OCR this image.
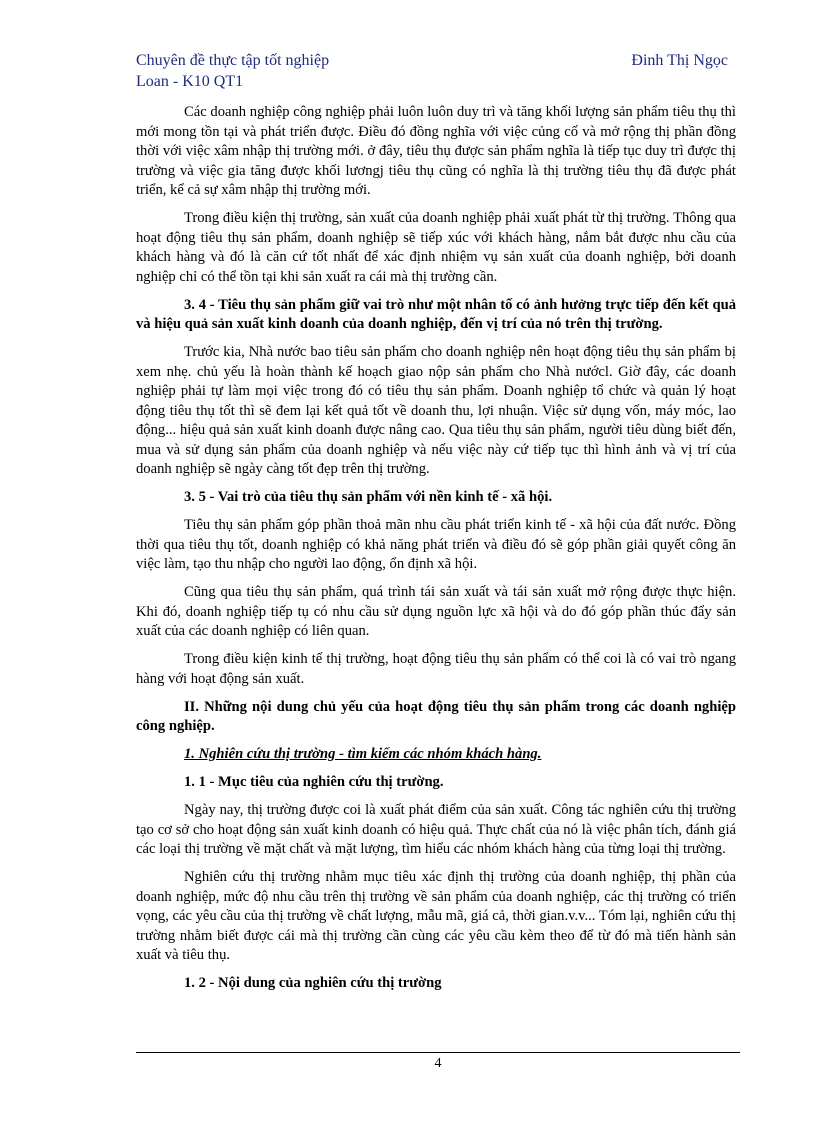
Chuyên đề thực tập tốt nghiệp	Đinh Thị Ngọc
Loan - K10 QT1

Các doanh nghiệp công nghiệp phải luôn luôn duy trì và tăng khối lượng sản phẩm tiêu thụ thì mới mong tồn tại và phát triển được. Điều đó đồng nghĩa với việc củng cố và mở rộng thị phần đồng thời với việc xâm nhập thị trường mới. ở đây, tiêu thụ được sản phẩm nghĩa là tiếp tục duy trì được thị trường và việc gia tăng được khối lươngj tiêu thụ cũng có nghĩa là thị trường tiêu thụ đã được phát triển, kể cả sự xâm nhập thị trường mới.

Trong điều kiện thị trường, sản xuất của doanh nghiệp phải xuất phát từ thị trường. Thông qua hoạt động tiêu thụ sản phẩm, doanh nghiệp sẽ tiếp xúc với khách hàng, nắm bắt được nhu cầu của khách hàng và đó là căn cứ tốt nhất để xác định nhiệm vụ sản xuất của doanh nghiệp, bởi doanh nghiệp chỉ có thể tồn tại khi sản xuất ra cái mà thị trường cần.

3. 4 - Tiêu thụ sản phẩm giữ vai trò như một nhân tố có ảnh hưởng trực tiếp đến kết quả và hiệu quả sản xuất kinh doanh của doanh nghiệp, đến vị trí của nó trên thị trường.

Trước kia, Nhà nước bao tiêu sản phẩm cho doanh nghiệp nên hoạt động tiêu thụ sản phẩm bị xem nhẹ. chủ yếu là hoàn thành kế hoạch giao nộp sản phẩm cho Nhà nướcl. Giờ đây, các doanh nghiệp phải tự làm mọi việc trong đó có tiêu thụ sản phẩm. Doanh nghiệp tổ chức và quản lý hoạt động tiêu thụ tốt thì sẽ đem lại kết quả tốt về doanh thu, lợi nhuận. Việc sử dụng vốn, máy móc, lao động... hiệu quả sản xuất kinh doanh được nâng cao. Qua tiêu thụ sản phẩm, người tiêu dùng biết đến, mua và sử dụng sản phẩm của doanh nghiệp và nếu việc này cứ tiếp tục thì hình ảnh và vị trí của doanh nghiệp sẽ ngày càng tốt đẹp trên thị trường.

3. 5 - Vai trò của tiêu thụ sản phẩm với nền kinh tế - xã hội.

Tiêu thụ sản phẩm góp phần thoả mãn nhu cầu phát triển kinh tế - xã hội của đất nước. Đồng thời qua tiêu thụ tốt, doanh nghiệp có khả năng phát triển và điều đó sẽ góp phần giải quyết công ăn việc làm, tạo thu nhập cho người lao động, ổn định xã hội.

Cũng qua tiêu thụ sản phẩm, quá trình tái sản xuất và tái sản xuất mở rộng được thực hiện. Khi đó, doanh nghiệp tiếp tụ có nhu cầu sử dụng nguồn lực xã hội và do đó góp phần thúc đẩy sản xuất của các doanh nghiệp có liên quan.

Trong điều kiện kinh tế thị trường, hoạt động tiêu thụ sản phẩm có thể coi là có vai trò ngang hàng với hoạt động sản xuất.

II. Những nội dung chủ yếu của hoạt động tiêu thụ sản phẩm trong các doanh nghiệp công nghiệp.

1. Nghiên cứu thị trường - tìm kiếm các nhóm khách hàng.

1. 1 - Mục tiêu của nghiên cứu thị trường.

Ngày nay, thị trường được coi là xuất phát điểm của sản xuất. Công tác nghiên cứu thị trường tạo cơ sở cho hoạt động sản xuất kinh doanh có hiệu quả. Thực chất của nó là việc phân tích, đánh giá các loại thị trường về mặt chất và mặt lượng, tìm hiểu các nhóm khách hàng của từng loại thị trường.

Nghiên cứu thị trường nhằm mục tiêu xác định thị trường của doanh nghiệp, thị phần của doanh nghiệp, mức độ nhu cầu trên thị trường về sản phẩm của doanh nghiệp, các thị trường có triển vọng, các yêu cầu của thị trường về chất lượng, mẫu mã, giá cả, thời gian.v.v... Tóm lại, nghiên cứu thị trường nhằm biết được cái mà thị trường cần cùng các yêu cầu kèm theo để từ đó mà tiến hành sản xuất và tiêu thụ.

1. 2 - Nội dung của nghiên cứu thị trường

4
